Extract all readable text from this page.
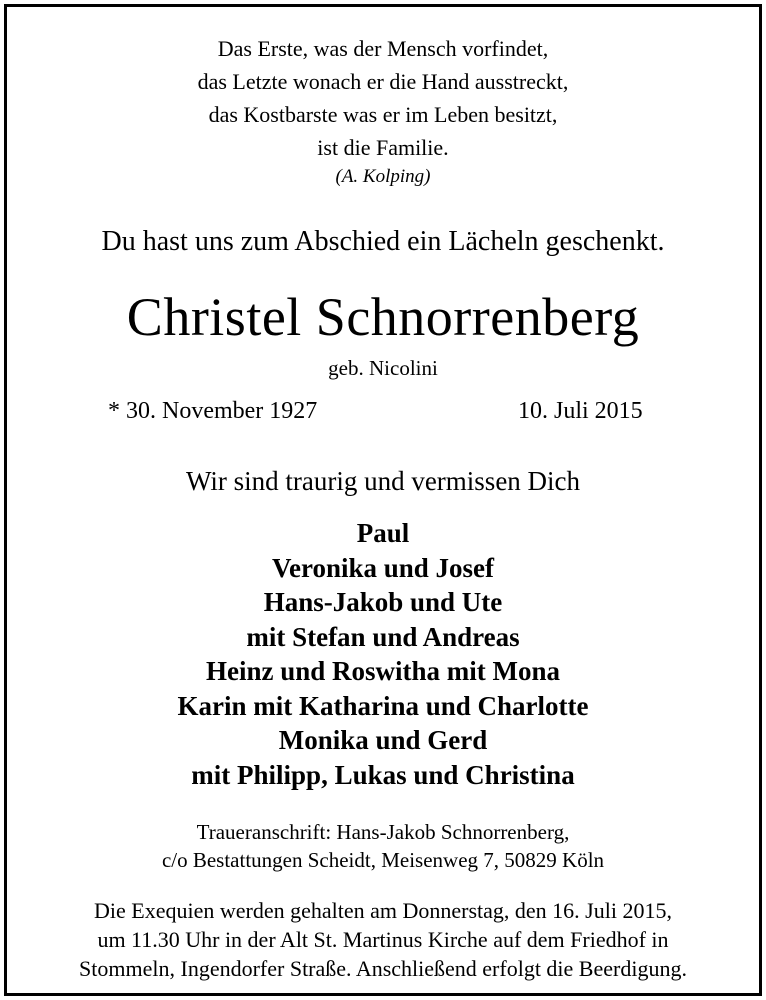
Das Erste, was der Mensch vorfindet,
das Letzte wonach er die Hand ausstreckt,
das Kostbarste was er im Leben besitzt,
ist die Familie.
(A. Kolping)
Du hast uns zum Abschied ein Lächeln geschenkt.
Christel Schnorrenberg
geb. Nicolini
* 30. November 1927	10. Juli 2015
Wir sind traurig und vermissen Dich
Paul
Veronika und Josef
Hans-Jakob und Ute
mit Stefan und Andreas
Heinz und Roswitha mit Mona
Karin mit Katharina und Charlotte
Monika und Gerd
mit Philipp, Lukas und Christina
Traueranschrift: Hans-Jakob Schnorrenberg,
c/o Bestattungen Scheidt, Meisenweg 7, 50829 Köln
Die Exequien werden gehalten am Donnerstag, den 16. Juli 2015,
um 11.30 Uhr in der Alt St. Martinus Kirche auf dem Friedhof in
Stommeln, Ingendorfer Straße. Anschließend erfolgt die Beerdigung.
